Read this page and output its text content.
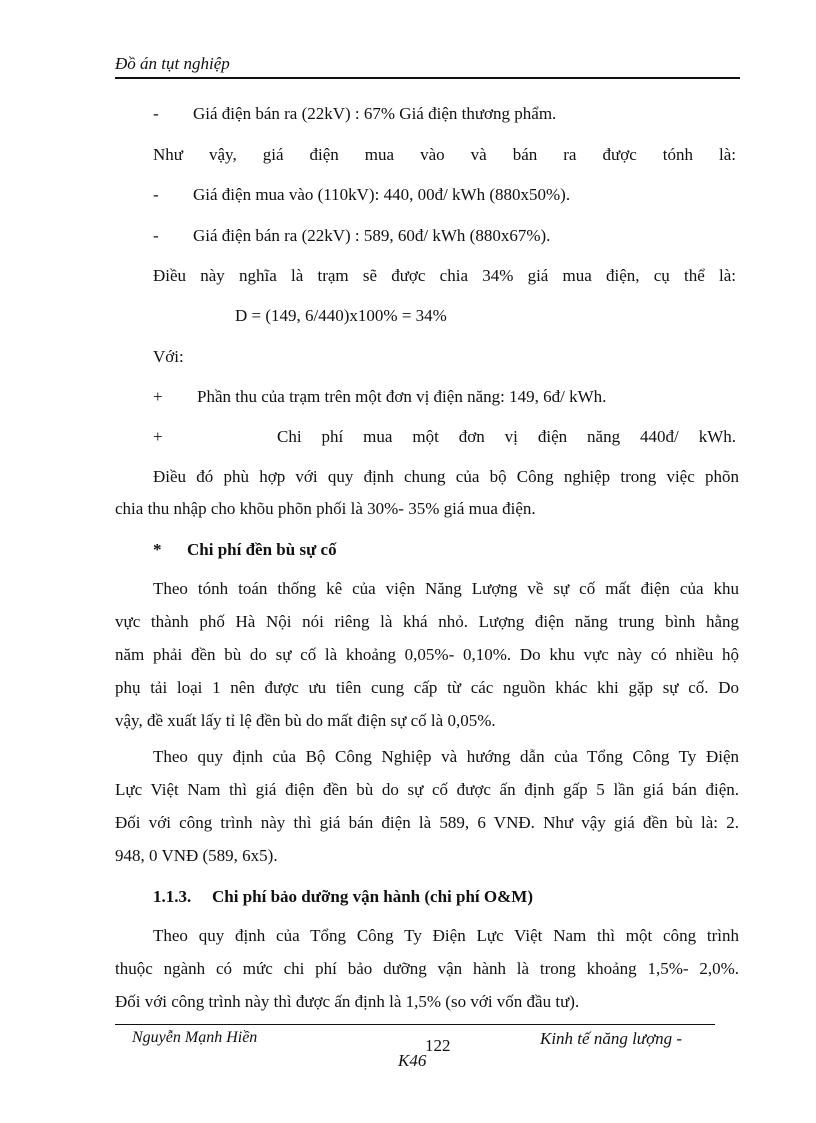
Đồ án tụt nghiệp
- Giá điện bán ra (22kV) : 67% Giá điện thương phẩm.
Như vậy, giá điện mua vào và bán ra được tónh là:
- Giá điện mua vào (110kV): 440, 00đ/ kWh (880x50%).
- Giá điện bán ra (22kV) : 589, 60đ/ kWh (880x67%).
Điều này nghĩa là trạm sẽ được chia 34% giá mua điện, cụ thể là:
D = (149, 6/440)x100% = 34%
Với:
+ Phần thu của trạm trên một đơn vị điện năng: 149, 6đ/ kWh.
+	Chi phí mua một đơn vị điện năng 440đ/ kWh.
Điều đó phù hợp với quy định chung của bộ Công nghiệp trong việc phõn
chia thu nhập cho khõu phõn phối là 30%- 35% giá mua điện.
* Chi phí đền bù sự cố
Theo tónh toán thống kê của viện Năng Lượng về sự cố mất điện của khu
vực thành phố Hà Nội nói riêng là khá nhỏ. Lượng điện năng trung bình hằng
năm phải đền bù do sự cố là khoảng 0,05%- 0,10%. Do khu vực này có nhiều hộ
phụ tải loại 1 nên được ưu tiên cung cấp từ các nguồn khác khi gặp sự cố. Do
vậy, đề xuất lấy tỉ lệ đền bù do mất điện sự cố là 0,05%.
Theo quy định của Bộ Công Nghiệp và hướng dẫn của Tổng Công Ty Điện
Lực Việt Nam thì giá điện đền bù do sự cố được ấn định gấp 5 lần giá bán điện.
Đối với công trình này thì giá bán điện là 589, 6 VNĐ. Như vậy giá đền bù là: 2.
948, 0 VNĐ (589, 6x5).
1.1.3. Chi phí bảo dưỡng vận hành (chi phí O&M)
Theo quy định của Tổng Công Ty Điện Lực Việt Nam thì một công trình
thuộc ngành có mức chi phí bảo dưỡng vận hành là trong khoảng 1,5%- 2,0%.
Đối với công trình này thì được ấn định là 1,5% (so với vốn đầu tư).
Nguyễn Mạnh Hiền	122	Kinh tế năng lượng -
K46
